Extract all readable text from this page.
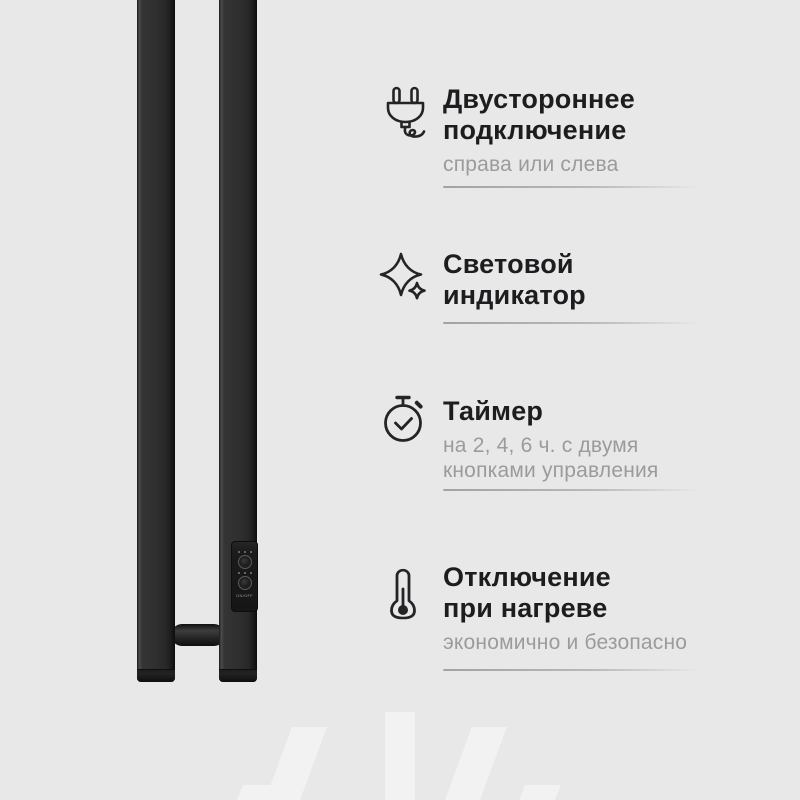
ON/OFF
Двустороннее
подключение
справа или слева
Световой
индикатор
Таймер
на 2, 4, 6 ч. с двумя
кнопками управления
Отключение
при нагреве
экономично и безопасно
